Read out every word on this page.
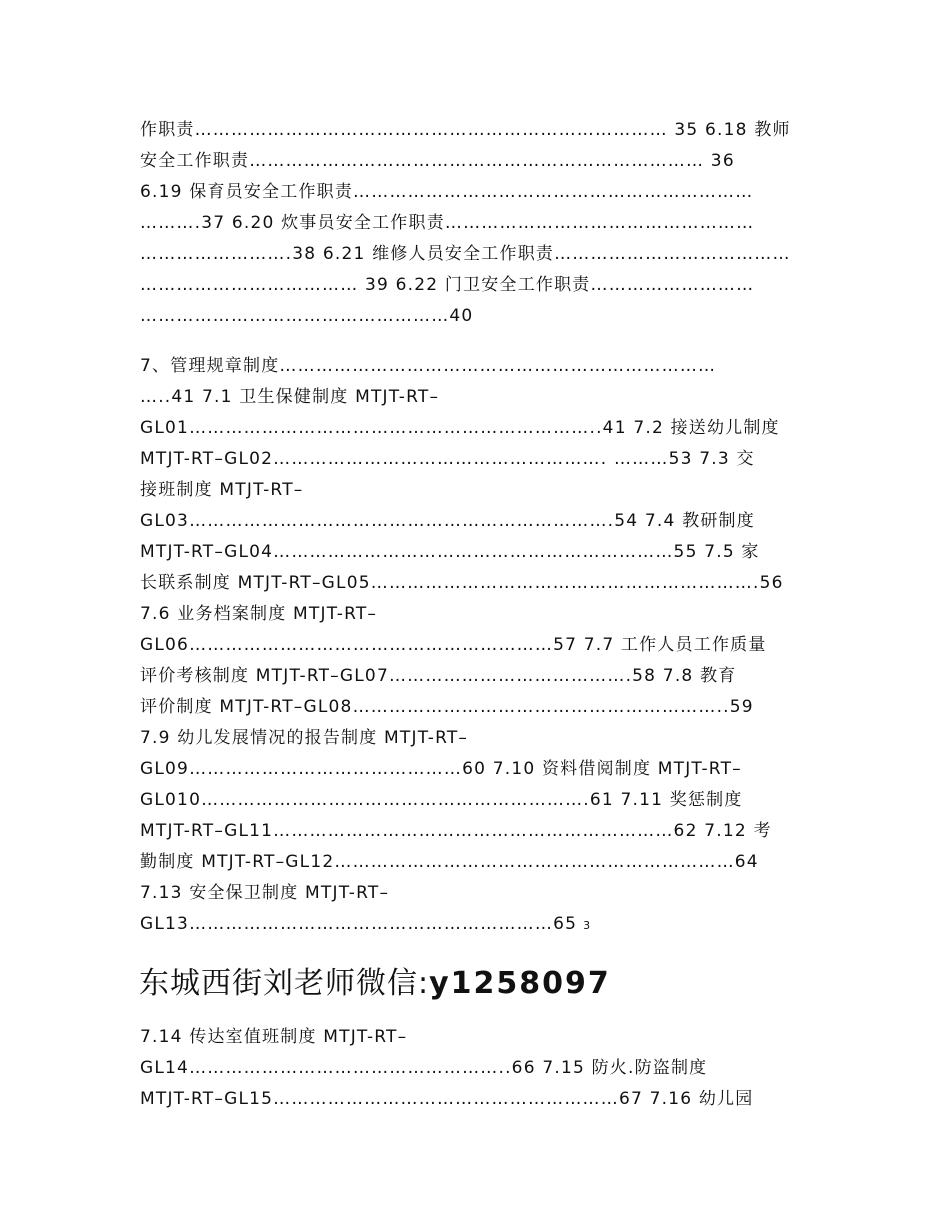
作职责…………………………………………………………………… 35 6.18 教师
安全工作职责………………………………………………………………… 36
6.19 保育员安全工作职责…………………………………………………………
……….37 6.20 炊事员安全工作职责……………………………………………
…………………….38 6.21 维修人员安全工作职责…………………………………
……………………………… 39 6.22 门卫安全工作职责………………………
……………………………………………40
7、管理规章制度………………………………………………………………
…..41 7.1 卫生保健制度 MTJT-RT–
GL01…………………………………………………………..41 7.2 接送幼儿制度
MTJT-RT–GL02………………………………………………. ………53 7.3 交
接班制度 MTJT-RT–
GL03…………………………………………………………….54 7.4 教研制度
MTJT-RT–GL04…………………………………………………………55 7.5 家
长联系制度 MTJT-RT–GL05……………………………………………………….56
7.6 业务档案制度 MTJT-RT–
GL06……………………………………………………57 7.7 工作人员工作质量
评价考核制度 MTJT-RT–GL07………………………………….58 7.8 教育
评价制度 MTJT-RT–GL08……………………………………………………..59
7.9 幼儿发展情况的报告制度 MTJT-RT–
GL09………………………………………60 7.10 资料借阅制度 MTJT-RT–
GL010……………………………………………………….61 7.11 奖惩制度
MTJT-RT–GL11…………………………………………………………62 7.12 考
勤制度 MTJT-RT–GL12…………………………………………………………64
7.13 安全保卫制度 MTJT-RT–
GL13……………………………………………………65 3
东城西街刘老师微信:y1258097
7.14 传达室值班制度 MTJT-RT–
GL14……………………………………………..66 7.15 防火.防盗制度
MTJT-RT–GL15…………………………………………………67 7.16 幼儿园
